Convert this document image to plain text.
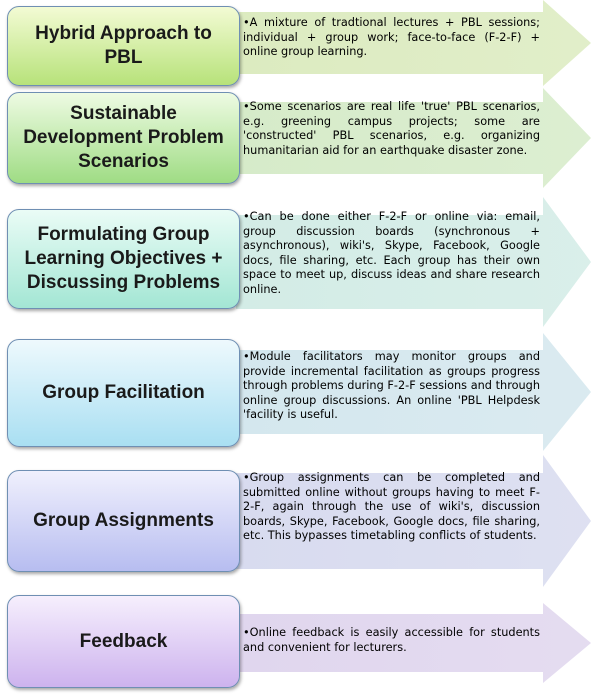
•A mixture of tradtional lectures + PBL sessions; individual + group work; face-to-face (F-2-F) + online group learning.
Hybrid Approach to PBL
•Some scenarios are real life 'true' PBL scenarios, e.g. greening campus projects; some are 'constructed' PBL scenarios, e.g. organizing humanitarian aid for an earthquake disaster zone.
Sustainable Development Problem Scenarios
•Can be done either F-2-F or online via: email, group discussion boards (synchronous + asynchronous), wiki's, Skype, Facebook, Google docs, file sharing, etc. Each group has their own space to meet up, discuss ideas and share research online.
Formulating Group Learning Objectives + Discussing Problems
•Module facilitators may monitor groups and provide incremental facilitation as groups progress through problems during F-2-F sessions and through online group discussions. An online 'PBL Helpdesk 'facility is useful.
Group Facilitation
•Group assignments can be completed and submitted online without groups having to meet F-2-F, again through the use of wiki's, discussion boards, Skype, Facebook, Google docs, file sharing, etc. This bypasses timetabling conflicts of students.
Group Assignments
•Online feedback is easily accessible for students and convenient for lecturers.
Feedback
